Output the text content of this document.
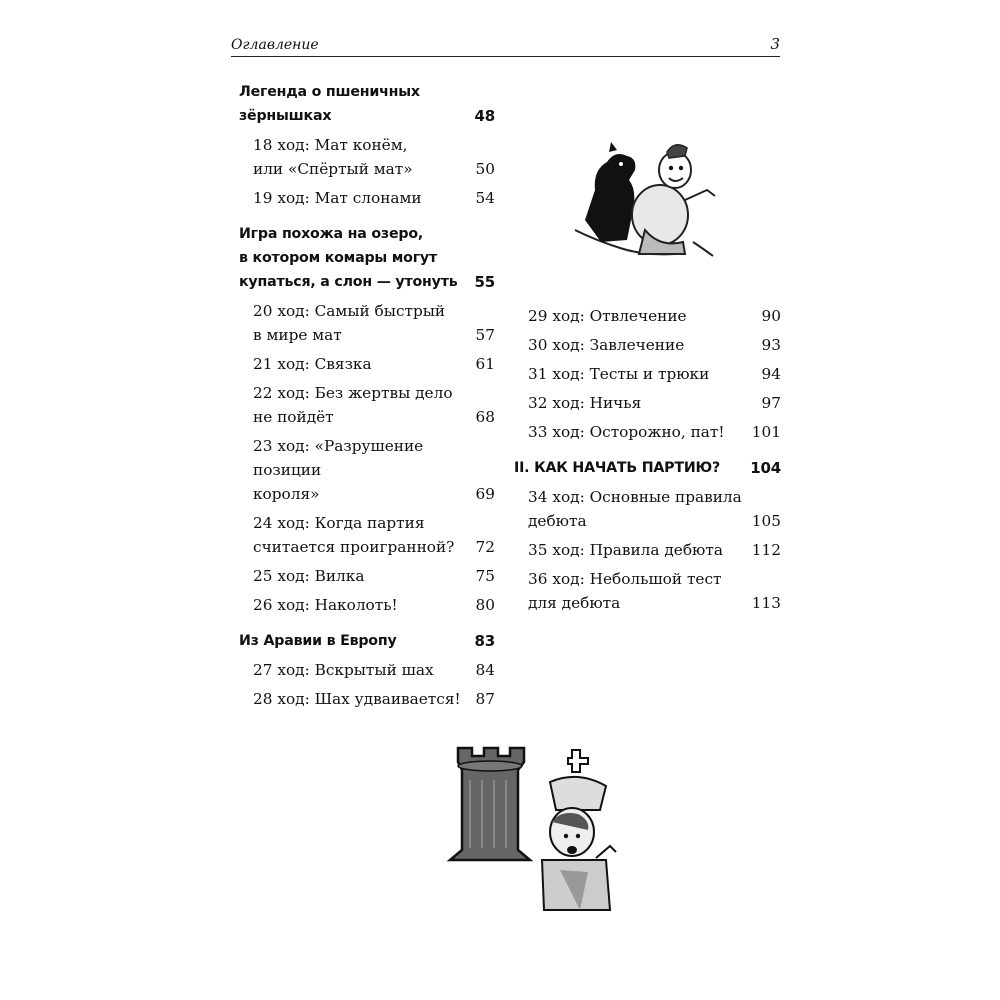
Оглавление	3
Легенда о пшеничных
зёрнышках	48
18 ход: Мат конём,
или «Спёртый мат»	50
19 ход: Мат слонами	54
Игра похожа на озеро,
в котором комары могут
купаться, а слон — утонуть	55
20 ход: Самый быстрый
в мире мат	57
21 ход: Связка	61
22 ход: Без жертвы дело
не пойдёт	68
23 ход: «Разрушение позиции
короля»	69
24 ход: Когда партия
считается проигранной?	72
25 ход: Вилка	75
26 ход: Наколоть!	80
Из Аравии в Европу	83
27 ход: Вскрытый шах	84
28 ход: Шах удваивается! 87
29 ход: Отвлечение	90
30 ход: Завлечение	93
31 ход: Тесты и трюки	94
32 ход: Ничья	97
33 ход: Осторожно, пат! 101
II. КАК НАЧАТЬ ПАРТИЮ? 104
34 ход: Основные правила
дебюта	105
35 ход: Правила дебюта 112
36 ход: Небольшой тест
для дебюта	113
